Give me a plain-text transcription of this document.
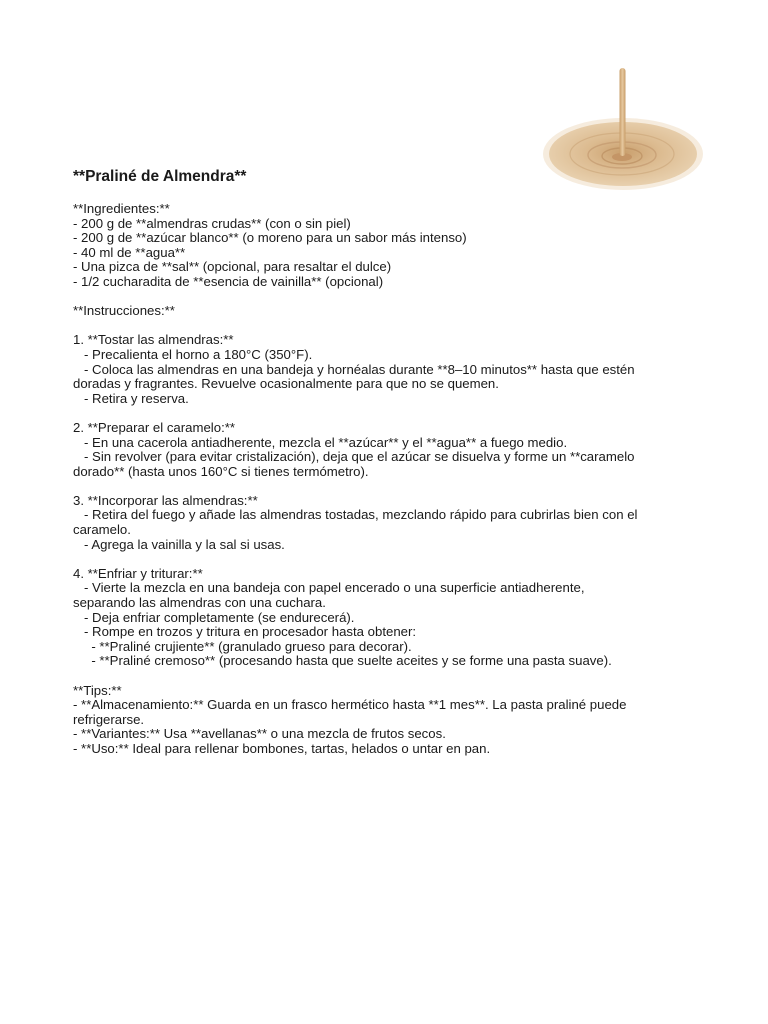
**Praliné de Almendra**

**Ingredientes:**

- 200 g de **almendras crudas** (con o sin piel)

- 200 g de **azúcar blanco** (o moreno para un sabor más intenso)

- 40 ml de **agua**

- Una pizca de **sal** (opcional, para resaltar el dulce)

- 1/2 cucharadita de **esencia de vainilla** (opcional)

**Instrucciones:**

1. **Tostar las almendras:**

- Precalienta el horno a 180°C (350°F).

- Coloca las almendras en una bandeja y hornéalas durante **8–10 minutos** hasta que estén

doradas y fragrantes. Revuelve ocasionalmente para que no se quemen.

- Retira y reserva.

2. **Preparar el caramelo:**

- En una cacerola antiadherente, mezcla el **azúcar** y el **agua** a fuego medio.

- Sin revolver (para evitar cristalización), deja que el azúcar se disuelva y forme un **caramelo

dorado** (hasta unos 160°C si tienes termómetro).

3. **Incorporar las almendras:**

- Retira del fuego y añade las almendras tostadas, mezclando rápido para cubrirlas bien con el

caramelo.

- Agrega la vainilla y la sal si usas.

4. **Enfriar y triturar:**

- Vierte la mezcla en una bandeja con papel encerado o una superficie antiadherente,

separando las almendras con una cuchara.

- Deja enfriar completamente (se endurecerá).

- Rompe en trozos y tritura en procesador hasta obtener:

- **Praliné crujiente** (granulado grueso para decorar).

- **Praliné cremoso** (procesando hasta que suelte aceites y se forme una pasta suave).

**Tips:**

- **Almacenamiento:** Guarda en un frasco hermético hasta **1 mes**. La pasta praliné puede

refrigerarse.

- **Variantes:** Usa **avellanas** o una mezcla de frutos secos.

- **Uso:** Ideal para rellenar bombones, tartas, helados o untar en pan.
